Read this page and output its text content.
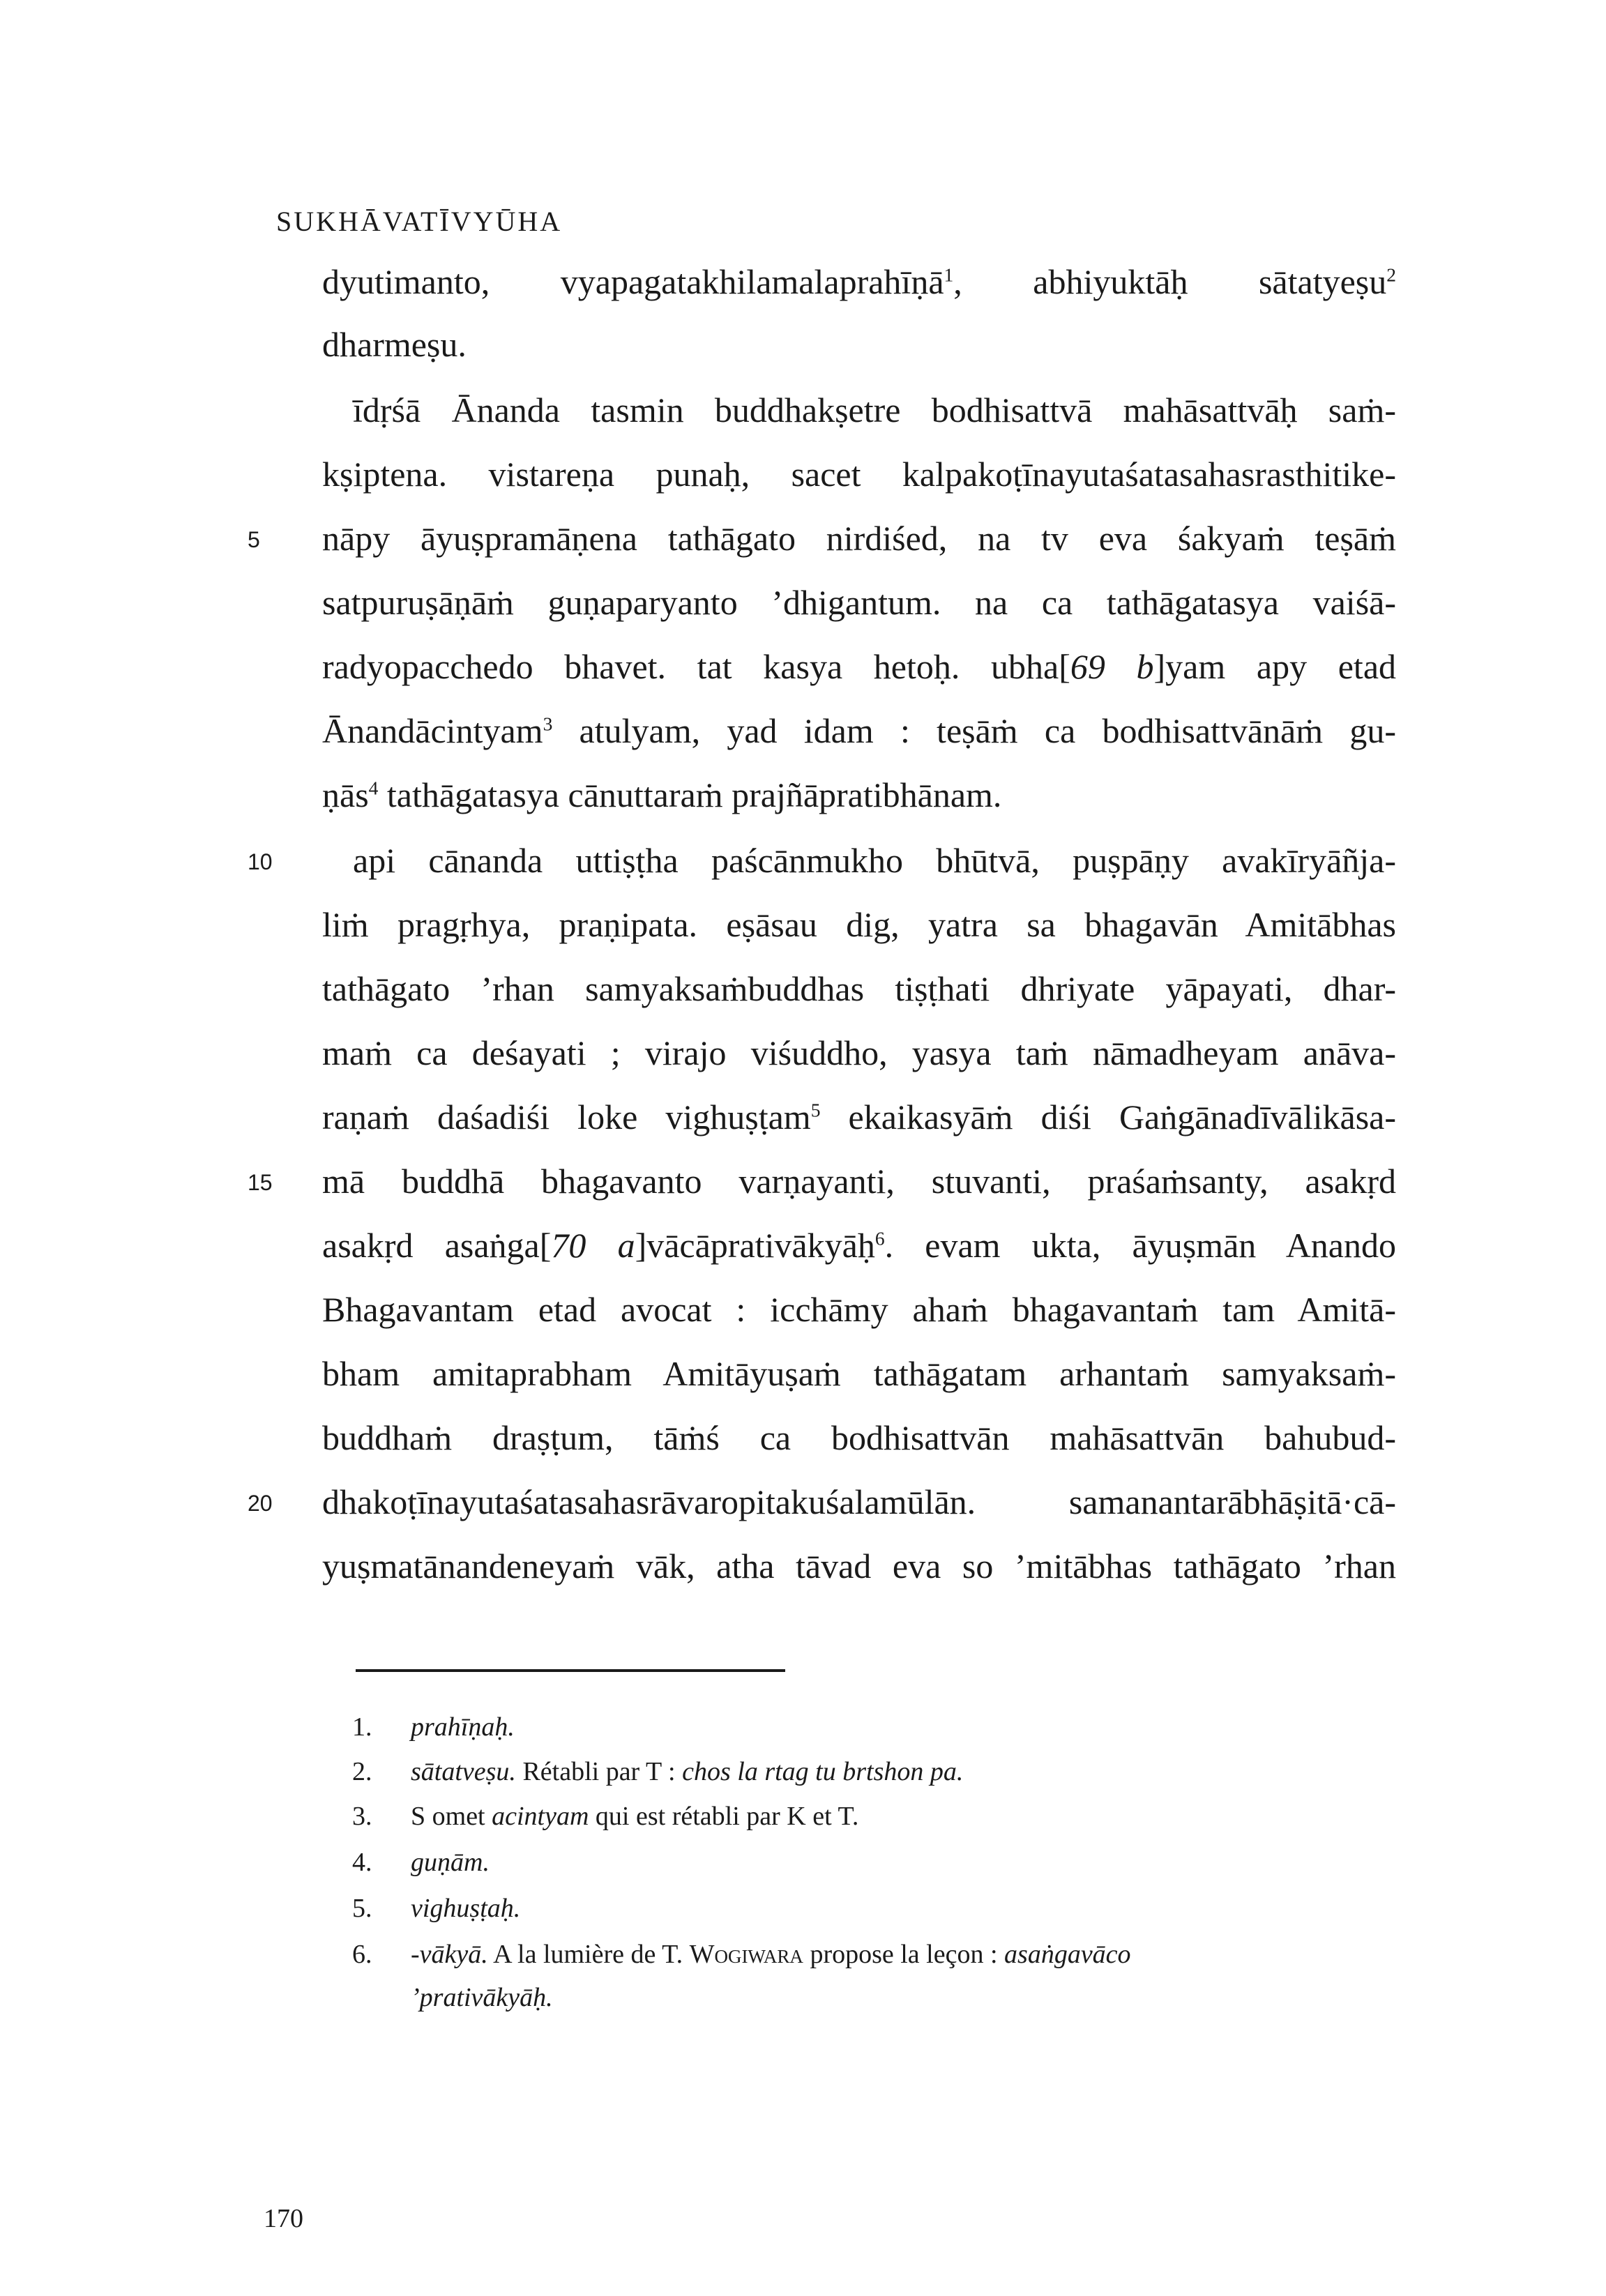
SUKHĀVATĪVYŪHA
dyutimanto, vyapagatakhilamalaprahīṇā$^1$, abhiyuktāḥ sātatyeṣu$^2$
dharmeṣu.
īdṛśā Ānanda tasmin buddhakṣetre bodhisattvā mahāsattvāḥ saṁ-
kṣiptena. vistareṇa punaḥ, sacet kalpakoṭīnayutaśatasahasrasthitike-
nāpy āyuṣpramāṇena tathāgato nirdiśed, na tv eva śakyaṁ teṣāṁ
satpuruṣāṇāṁ guṇaparyanto ’dhigantum. na ca tathāgatasya vaiśā-
radyopacchedo bhavet. tat kasya hetoḥ. ubha[69 b]yam apy etad
Ānandācintyam$^3$ atulyam, yad idam : teṣāṁ ca bodhisattvānāṁ gu-
ṇās$^4$ tathāgatasya cānuttaraṁ prajñāpratibhānam.
api cānanda uttiṣṭha paścānmukho bhūtvā, puṣpāṇy avakīryāñja-
liṁ pragṛhya, praṇipata. eṣāsau dig, yatra sa bhagavān Amitābhas
tathāgato ’rhan samyaksaṁbuddhas tiṣṭhati dhriyate yāpayati, dhar-
maṁ ca deśayati ; virajo viśuddho, yasya taṁ nāmadheyam anāva-
raṇaṁ daśadiśi loke vighuṣṭam$^5$ ekaikasyāṁ diśi Gaṅgānadīvālikāsa-
mā buddhā bhagavanto varṇayanti, stuvanti, praśaṁsanty, asakṛd
asakṛd asaṅga[70 a]vācāprativākyāḥ$^6$. evam ukta, āyuṣmān Anando
Bhagavantam etad avocat : icchāmy ahaṁ bhagavantaṁ tam Amitā-
bham amitaprabham Amitāyuṣaṁ tathāgatam arhantaṁ samyaksaṁ-
buddhaṁ draṣṭum, tāṁś ca bodhisattvān mahāsattvān bahubud-
dhakoṭīnayutaśatasahasrāvaropitakuśalamūlān. samanantarābhāṣitā·cā-
yuṣmatānandeneyaṁ vāk, atha tāvad eva so ’mitābhas tathāgato ’rhan
5
10
15
20
1. prahīṇaḥ.
2. sātatveṣu. Rétabli par T : chos la rtag tu brtshon pa.
3. S omet acintyam qui est rétabli par K et T.
4. guṇām.
5. vighuṣṭaḥ.
6. -vākyā. A la lumière de T. Wogiwara propose la leçon : asaṅgavāco
’prativākyāḥ.
170
